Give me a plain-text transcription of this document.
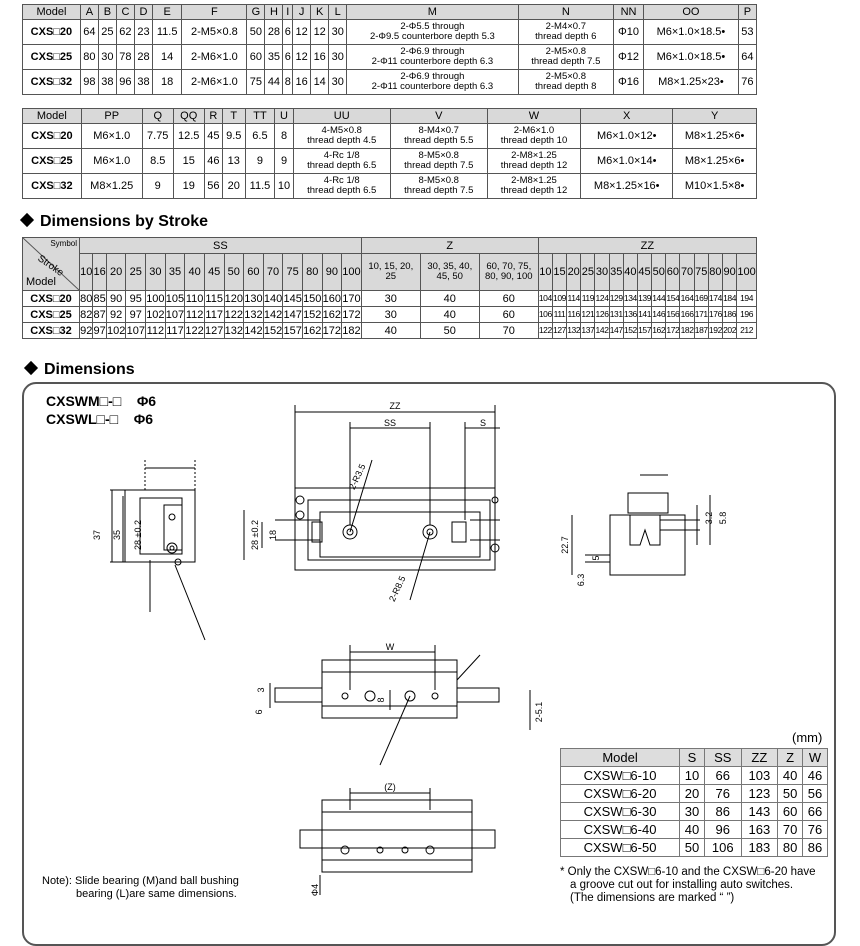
Model	A	B	C	D	E	F	G	H	I	J	K	L	M	N	NN	OO	P
CXS□20	64	25	62	23	11.5	2-M5×0.8	50	28	6	12	12	30	2-Φ5.5 through
2-Φ9.5 counterbore depth 5.3	2-M4×0.7
thread depth 6	Φ10	M6×1.0×18.5•	53
CXS□25	80	30	78	28	14	2-M6×1.0	60	35	6	12	16	30	2-Φ6.9 through
2-Φ11 counterbore depth 6.3	2-M5×0.8
thread depth 7.5	Φ12	M6×1.0×18.5•	64
CXS□32	98	38	96	38	18	2-M6×1.0	75	44	8	16	14	30	2-Φ6.9 through
2-Φ11 counterbore depth 6.3	2-M5×0.8
thread depth 8	Φ16	M8×1.25×23•	76
Model	PP	Q	QQ	R	T	TT	U	UU	V	W	X	Y
CXS□20	M6×1.0	7.75	12.5	45	9.5	6.5	8	4-M5×0.8
thread depth 4.5	8-M4×0.7
thread depth 5.5	2-M6×1.0
thread depth 10	M6×1.0×12•	M8×1.25×6•
CXS□25	M6×1.0	8.5	15	46	13	9	9	4-Rc 1/8
thread depth 6.5	8-M5×0.8
thread depth 7.5	2-M8×1.25
thread depth 12	M6×1.0×14•	M8×1.25×6•
CXS□32	M8×1.25	9	19	56	20	11.5	10	4-Rc 1/8
thread depth 6.5	8-M5×0.8
thread depth 7.5	2-M8×1.25
thread depth 12	M8×1.25×16•	M10×1.5×8•
Dimensions by Stroke
Symbol
Stroke
Model	SS															Z			ZZ														
	10	16	20	25	30	35	40	45	50	60	70	75	80	90	100	10, 15, 20, 25	30, 35, 40, 45, 50	60, 70, 75, 80, 90, 100	10	15	20	25	30	35	40	45	50	60	70	75	80	90	100
CXS□20	80	85	90	95	100	105	110	115	120	130	140	145	150	160	170	30	40	60	104	109	114	119	124	129	134	139	144	154	164	169	174	184	194
CXS□25	82	87	92	97	102	107	112	117	122	132	142	147	152	162	172	30	40	60	106	111	116	121	126	131	136	141	146	156	166	171	176	186	196
CXS□32	92	97	102	107	112	117	122	127	132	142	152	157	162	172	182	40	50	70	122	127	132	137	142	147	152	157	162	172	182	187	192	202	212
Dimensions
CXSWM□-□ Φ6
CXSWL□-□ Φ6
ZZ
SS	S
W
(Z)
37 35 28 ±0.2	28 ±0.2 18
22.7
3.2 5.8
5
6.3
3
6
8
2-5.1
Φ4
2-R3.5
2-R8.5
(mm)
Model	S	SS	ZZ	Z	W
CXSW□6-10	10	66	103	40	46
CXSW□6-20	20	76	123	50	56
CXSW□6-30	30	86	143	60	66
CXSW□6-40	40	96	163	70	76
CXSW□6-50	50	106	183	80	86
Note): Slide bearing (M)and ball bushing
bearing (L)are same dimensions.
* Only the CXSW□6-10 and the CXSW□6-20 have
a groove cut out for installing auto switches.
(The dimensions are marked “ ”)
